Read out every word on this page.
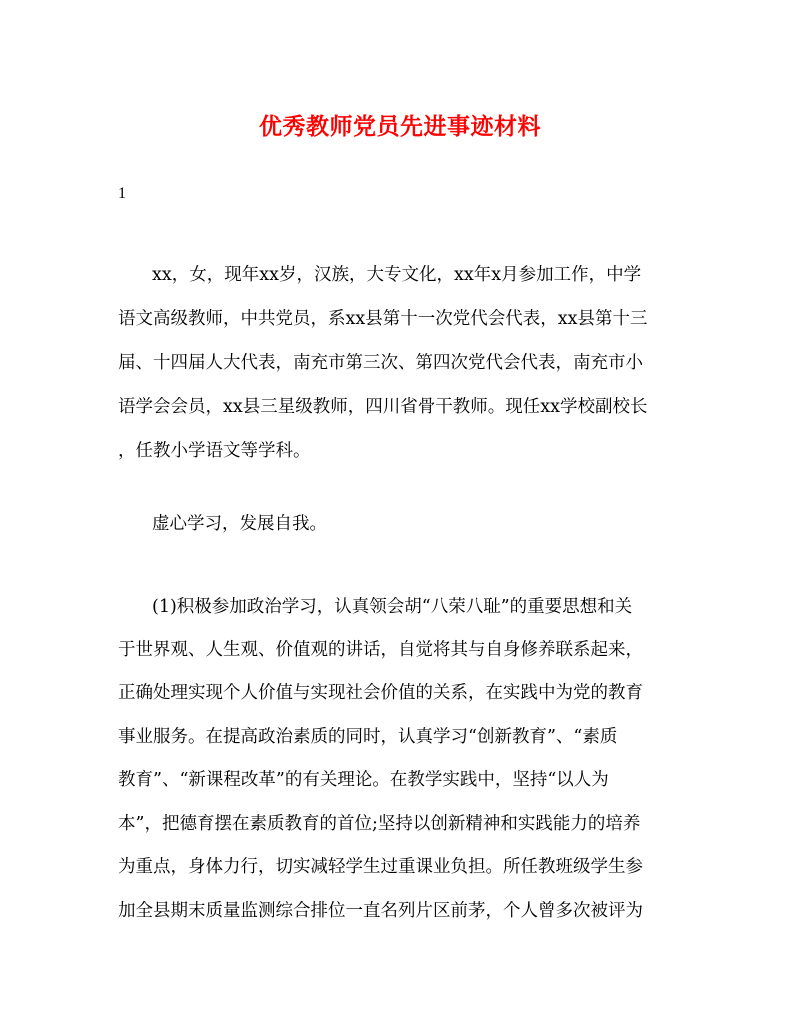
优秀教师党员先进事迹材料
1
xx，女，现年xx岁，汉族，大专文化，xx年x月参加工作，中学
语文高级教师，中共党员，系xx县第十一次党代会代表，xx县第十三
届、十四届人大代表，南充市第三次、第四次党代会代表，南充市小
语学会会员，xx县三星级教师，四川省骨干教师。现任xx学校副校长
，任教小学语文等学科。
虚心学习，发展自我。
(1)积极参加政治学习，认真领会胡“八荣八耻”的重要思想和关
于世界观、人生观、价值观的讲话，自觉将其与自身修养联系起来，
正确处理实现个人价值与实现社会价值的关系，在实践中为党的教育
事业服务。在提高政治素质的同时，认真学习“创新教育”、“素质
教育”、“新课程改革”的有关理论。在教学实践中，坚持“以人为
本”，把德育摆在素质教育的首位;坚持以创新精神和实践能力的培养
为重点，身体力行，切实减轻学生过重课业负担。所任教班级学生参
加全县期末质量监测综合排位一直名列片区前茅，个人曾多次被评为
